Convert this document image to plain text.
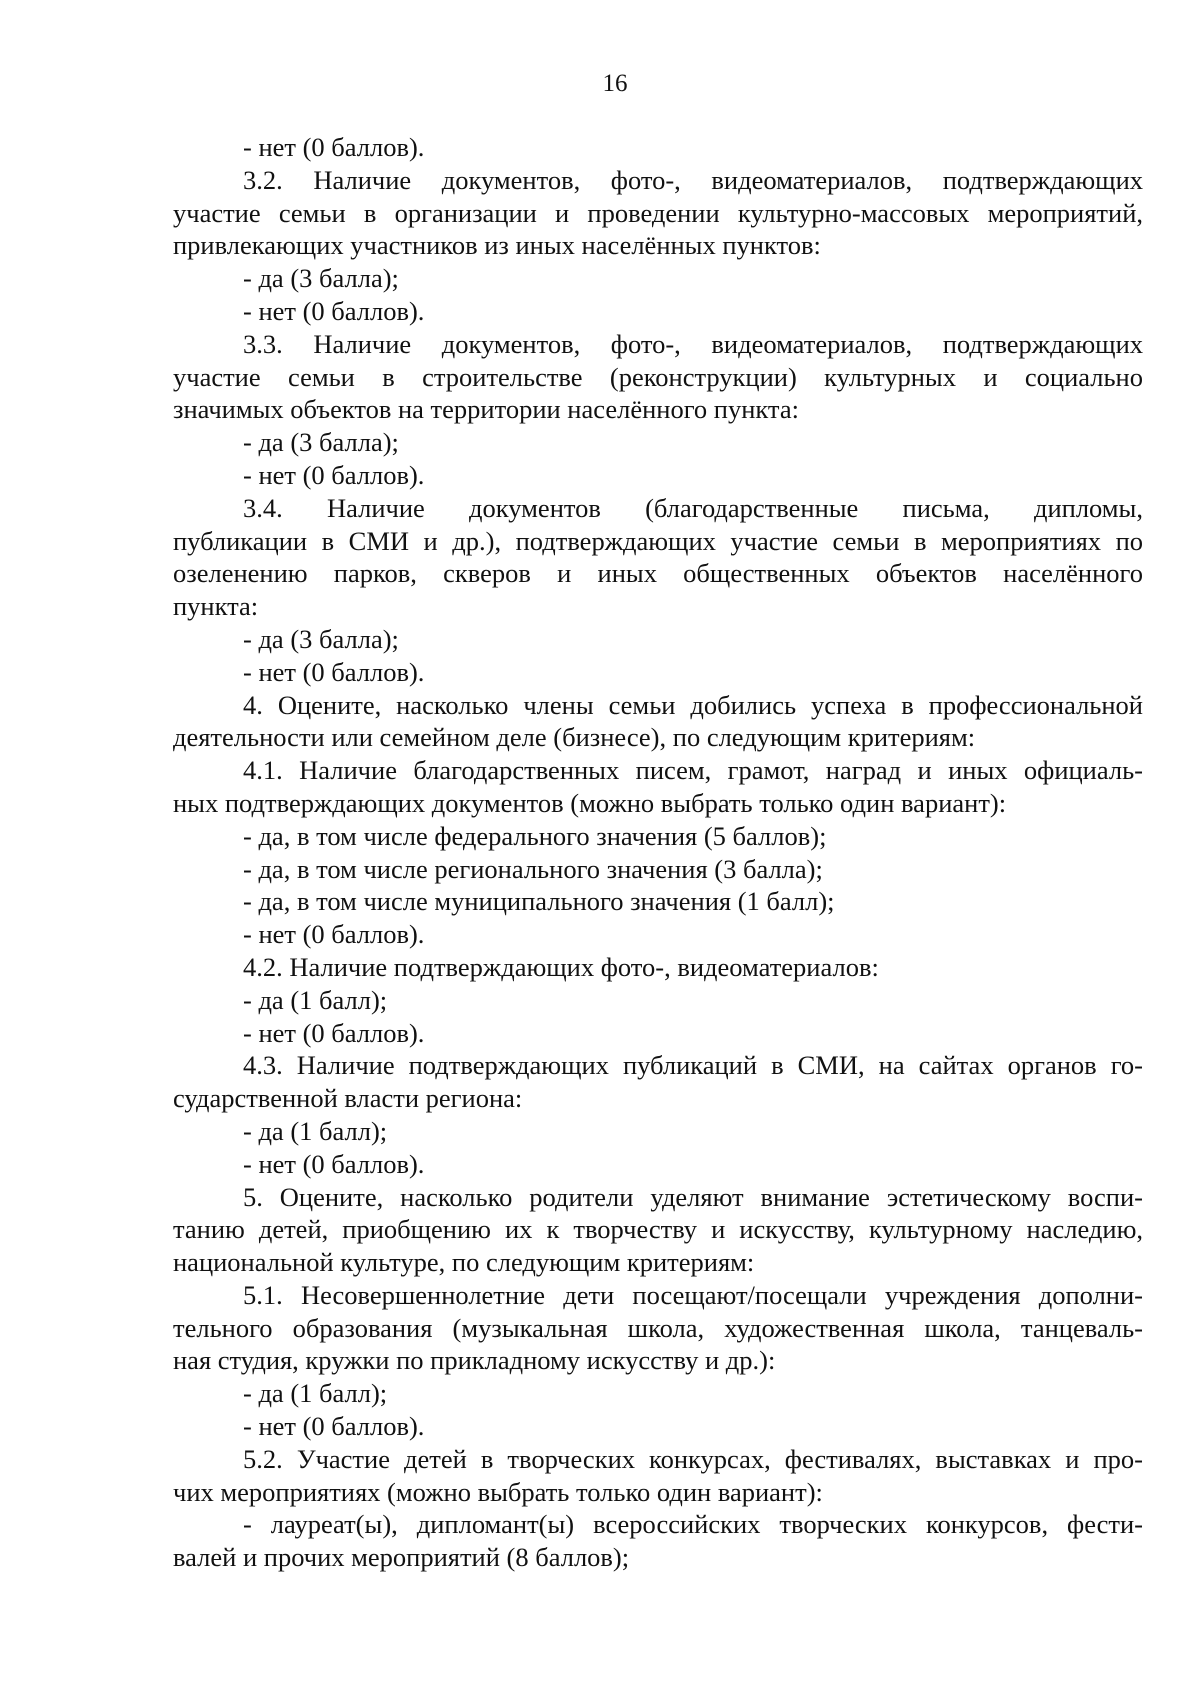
16
- нет (0 баллов).
3.2. Наличие документов, фото-, видеоматериалов, подтверждающих
участие семьи в организации и проведении культурно-массовых мероприятий,
привлекающих участников из иных населённых пунктов:
- да (3 балла);
- нет (0 баллов).
3.3. Наличие документов, фото-, видеоматериалов, подтверждающих
участие семьи в строительстве (реконструкции) культурных и социально
значимых объектов на территории населённого пункта:
- да (3 балла);
- нет (0 баллов).
3.4. Наличие документов (благодарственные письма, дипломы,
публикации в СМИ и др.), подтверждающих участие семьи в мероприятиях по
озеленению парков, скверов и иных общественных объектов населённого
пункта:
- да (3 балла);
- нет (0 баллов).
4. Оцените, насколько члены семьи добились успеха в профессиональной
деятельности или семейном деле (бизнесе), по следующим критериям:
4.1. Наличие благодарственных писем, грамот, наград и иных официаль-
ных подтверждающих документов (можно выбрать только один вариант):
- да, в том числе федерального значения (5 баллов);
- да, в том числе регионального значения (3 балла);
- да, в том числе муниципального значения (1 балл);
- нет (0 баллов).
4.2. Наличие подтверждающих фото-, видеоматериалов:
- да (1 балл);
- нет (0 баллов).
4.3. Наличие подтверждающих публикаций в СМИ, на сайтах органов го-
сударственной власти региона:
- да (1 балл);
- нет (0 баллов).
5. Оцените, насколько родители уделяют внимание эстетическому воспи-
танию детей, приобщению их к творчеству и искусству, культурному наследию,
национальной культуре, по следующим критериям:
5.1. Несовершеннолетние дети посещают/посещали учреждения дополни-
тельного образования (музыкальная школа, художественная школа, танцеваль-
ная студия, кружки по прикладному искусству и др.):
- да (1 балл);
- нет (0 баллов).
5.2. Участие детей в творческих конкурсах, фестивалях, выставках и про-
чих мероприятиях (можно выбрать только один вариант):
- лауреат(ы), дипломант(ы) всероссийских творческих конкурсов, фести-
валей и прочих мероприятий (8 баллов);
